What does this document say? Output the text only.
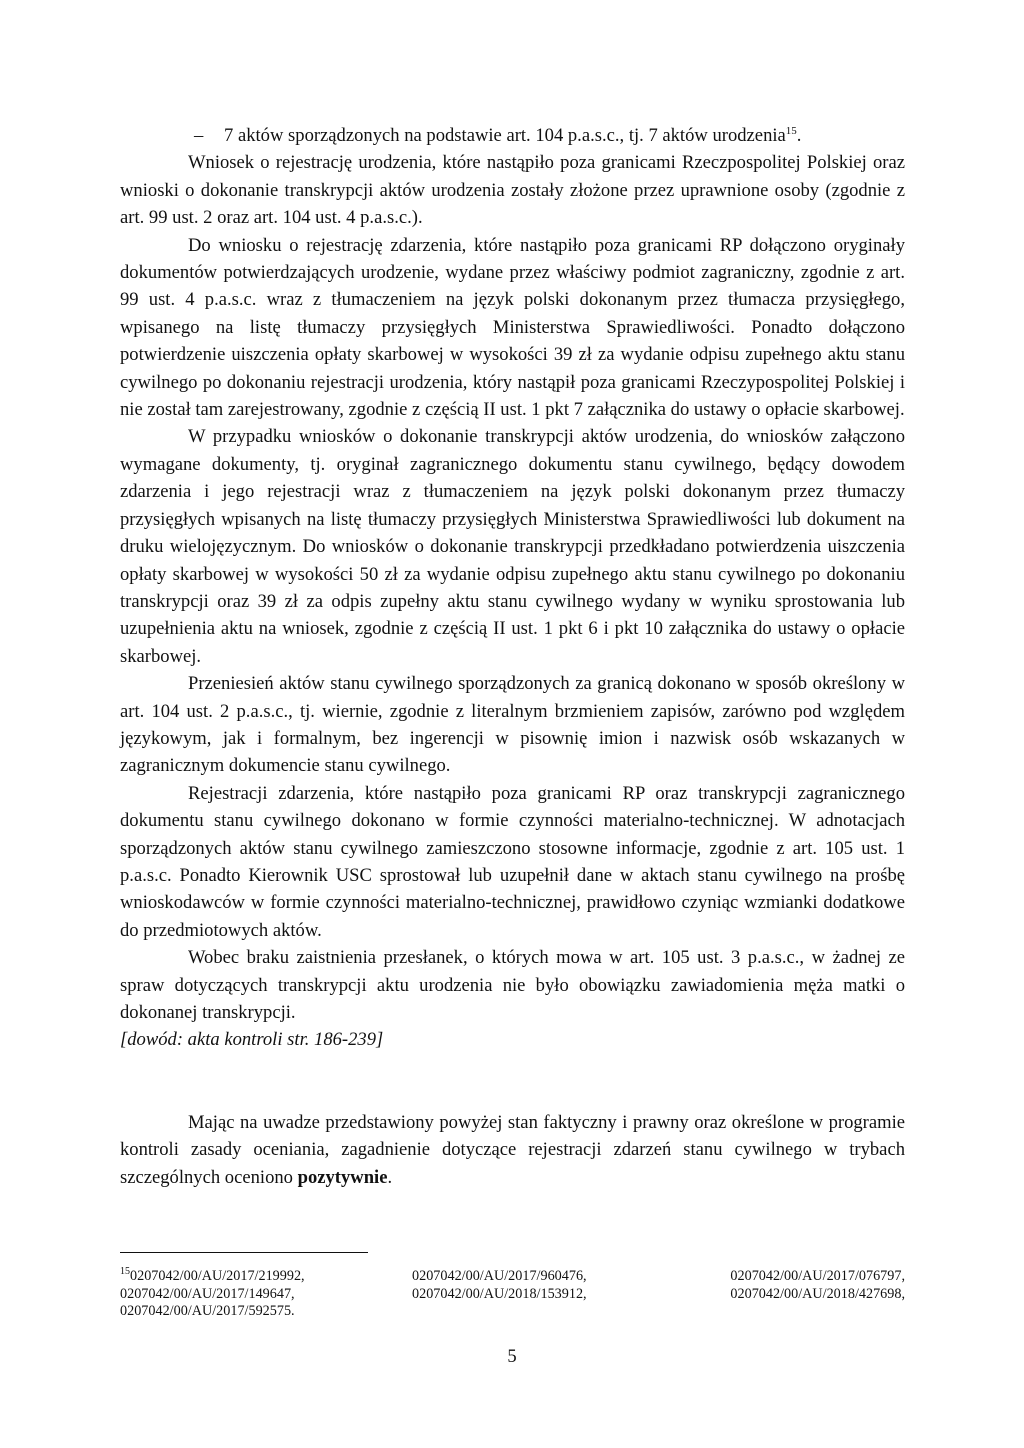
– 7 aktów sporządzonych na podstawie art. 104 p.a.s.c., tj. 7 aktów urodzenia$^{15}$.

Wniosek o rejestrację urodzenia, które nastąpiło poza granicami Rzeczpospolitej Polskiej oraz wnioski o dokonanie transkrypcji aktów urodzenia zostały złożone przez uprawnione osoby (zgodnie z art. 99 ust. 2 oraz art. 104 ust. 4 p.a.s.c.).

Do wniosku o rejestrację zdarzenia, które nastąpiło poza granicami RP dołączono oryginały dokumentów potwierdzających urodzenie, wydane przez właściwy podmiot zagraniczny, zgodnie z art. 99 ust. 4 p.a.s.c. wraz z tłumaczeniem na język polski dokonanym przez tłumacza przysięgłego, wpisanego na listę tłumaczy przysięgłych Ministerstwa Sprawiedliwości. Ponadto dołączono potwierdzenie uiszczenia opłaty skarbowej w wysokości 39 zł za wydanie odpisu zupełnego aktu stanu cywilnego po dokonaniu rejestracji urodzenia, który nastąpił poza granicami Rzeczypospolitej Polskiej i nie został tam zarejestrowany, zgodnie z częścią II ust. 1 pkt 7 załącznika do ustawy o opłacie skarbowej.

W przypadku wniosków o dokonanie transkrypcji aktów urodzenia, do wniosków załączono wymagane dokumenty, tj. oryginał zagranicznego dokumentu stanu cywilnego, będący dowodem zdarzenia i jego rejestracji wraz z tłumaczeniem na język polski dokonanym przez tłumaczy przysięgłych wpisanych na listę tłumaczy przysięgłych Ministerstwa Sprawiedliwości lub dokument na druku wielojęzycznym. Do wniosków o dokonanie transkrypcji przedkładano potwierdzenia uiszczenia opłaty skarbowej w wysokości 50 zł za wydanie odpisu zupełnego aktu stanu cywilnego po dokonaniu transkrypcji oraz 39 zł za odpis zupełny aktu stanu cywilnego wydany w wyniku sprostowania lub uzupełnienia aktu na wniosek, zgodnie z częścią II ust. 1 pkt 6 i pkt 10 załącznika do ustawy o opłacie skarbowej.

Przeniesień aktów stanu cywilnego sporządzonych za granicą dokonano w sposób określony w art. 104 ust. 2 p.a.s.c., tj. wiernie, zgodnie z literalnym brzmieniem zapisów, zarówno pod względem językowym, jak i formalnym, bez ingerencji w pisownię imion i nazwisk osób wskazanych w zagranicznym dokumencie stanu cywilnego.

Rejestracji zdarzenia, które nastąpiło poza granicami RP oraz transkrypcji zagranicznego dokumentu stanu cywilnego dokonano w formie czynności materialno-technicznej. W adnotacjach sporządzonych aktów stanu cywilnego zamieszczono stosowne informacje, zgodnie z art. 105 ust. 1 p.a.s.c. Ponadto Kierownik USC sprostował lub uzupełnił dane w aktach stanu cywilnego na prośbę wnioskodawców w formie czynności materialno-technicznej, prawidłowo czyniąc wzmianki dodatkowe do przedmiotowych aktów.

Wobec braku zaistnienia przesłanek, o których mowa w art. 105 ust. 3 p.a.s.c., w żadnej ze spraw dotyczących transkrypcji aktu urodzenia nie było obowiązku zawiadomienia męża matki o dokonanej transkrypcji.

[dowód: akta kontroli str. 186-239]

Mając na uwadze przedstawiony powyżej stan faktyczny i prawny oraz określone w programie kontroli zasady oceniania, zagadnienie dotyczące rejestracji zdarzeń stanu cywilnego w trybach szczególnych oceniono pozytywnie.

150207042/00/AU/2017/219992,	0207042/00/AU/2017/960476,	0207042/00/AU/2017/076797,
0207042/00/AU/2017/149647,	0207042/00/AU/2018/153912,	0207042/00/AU/2018/427698,
0207042/00/AU/2017/592575.
5
